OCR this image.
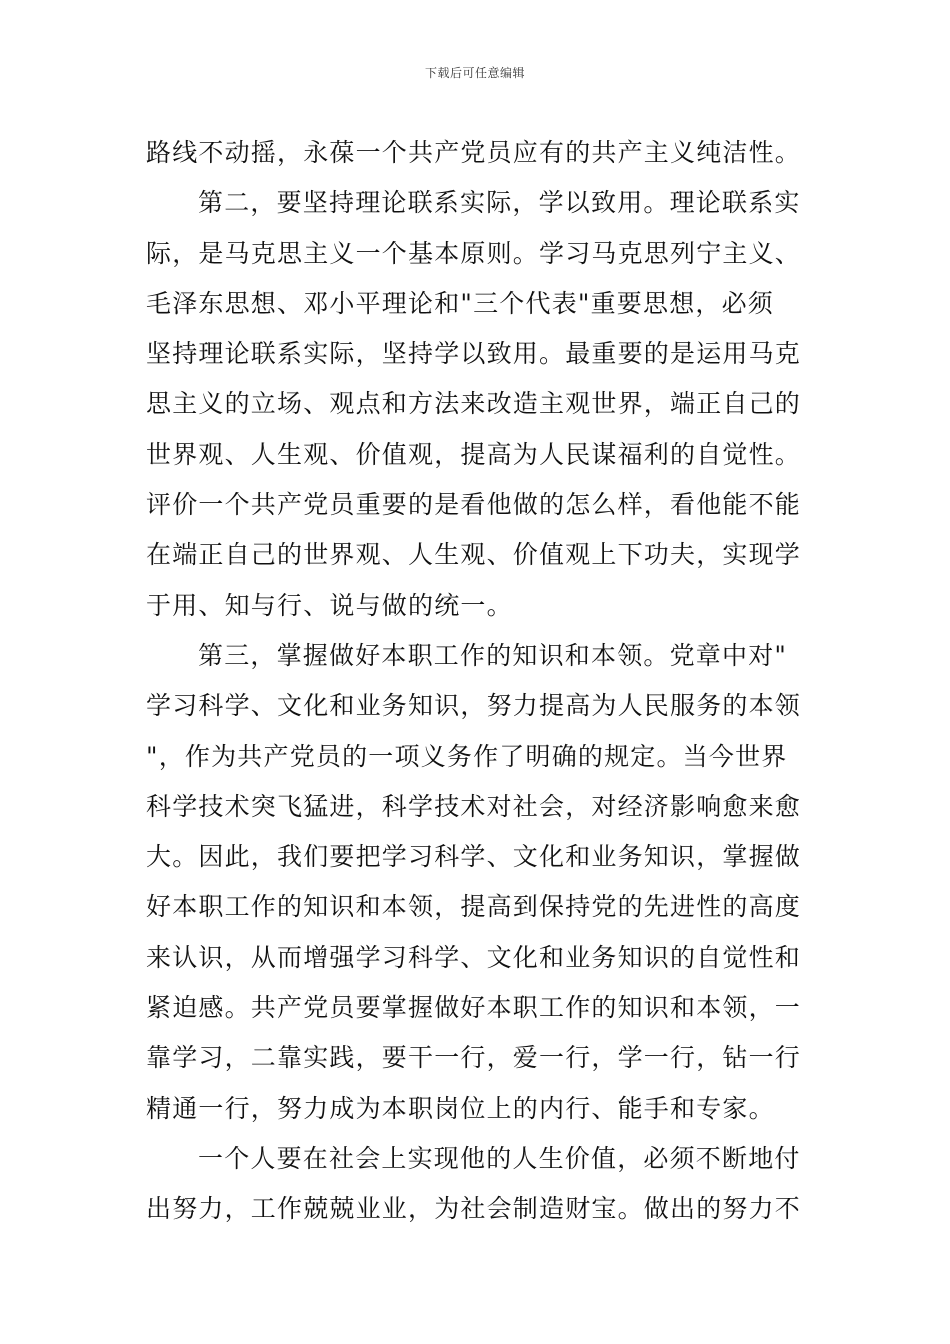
下载后可任意编辑
路线不动摇，永葆一个共产党员应有的共产主义纯洁性。
第二，要坚持理论联系实际，学以致用。理论联系实
际，是马克思主义一个基本原则。学习马克思列宁主义、
毛泽东思想、邓小平理论和"三个代表"重要思想，必须
坚持理论联系实际，坚持学以致用。最重要的是运用马克
思主义的立场、观点和方法来改造主观世界，端正自己的
世界观、人生观、价值观，提高为人民谋福利的自觉性。
评价一个共产党员重要的是看他做的怎么样，看他能不能
在端正自己的世界观、人生观、价值观上下功夫，实现学
于用、知与行、说与做的统一。
第三，掌握做好本职工作的知识和本领。党章中对"
学习科学、文化和业务知识，努力提高为人民服务的本领
"，作为共产党员的一项义务作了明确的规定。当今世界
科学技术突飞猛进，科学技术对社会，对经济影响愈来愈
大。因此，我们要把学习科学、文化和业务知识，掌握做
好本职工作的知识和本领，提高到保持党的先进性的高度
来认识，从而增强学习科学、文化和业务知识的自觉性和
紧迫感。共产党员要掌握做好本职工作的知识和本领，一
靠学习，二靠实践，要干一行，爱一行，学一行，钻一行
精通一行，努力成为本职岗位上的内行、能手和专家。
一个人要在社会上实现他的人生价值，必须不断地付
出努力，工作兢兢业业，为社会制造财宝。做出的努力不
